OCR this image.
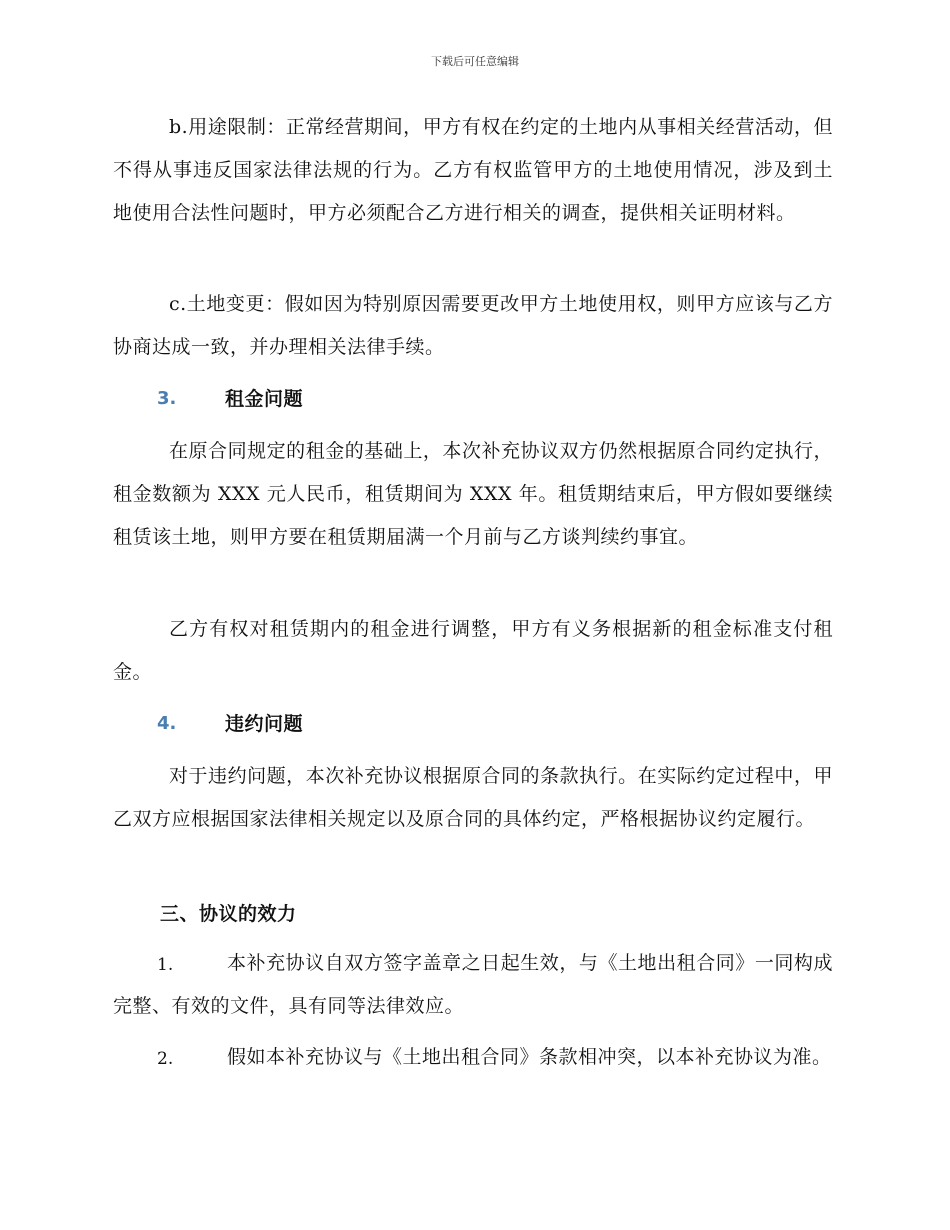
下载后可任意编辑

b.用途限制：正常经营期间，甲方有权在约定的土地内从事相关经营活动，但不得从事违反国家法律法规的行为。乙方有权监管甲方的土地使用情况，涉及到土地使用合法性问题时，甲方必须配合乙方进行相关的调查，提供相关证明材料。

c.土地变更：假如因为特别原因需要更改甲方土地使用权，则甲方应该与乙方协商达成一致，并办理相关法律手续。

3.	租金问题

在原合同规定的租金的基础上，本次补充协议双方仍然根据原合同约定执行，租金数额为 XXX 元人民币，租赁期间为 XXX 年。租赁期结束后，甲方假如要继续租赁该土地，则甲方要在租赁期届满一个月前与乙方谈判续约事宜。

乙方有权对租赁期内的租金进行调整，甲方有义务根据新的租金标准支付租金。

4.	违约问题

对于违约问题，本次补充协议根据原合同的条款执行。在实际约定过程中，甲乙双方应根据国家法律相关规定以及原合同的具体约定，严格根据协议约定履行。

三、协议的效力
1.	本补充协议自双方签字盖章之日起生效，与《土地出租合同》一同构成完整、有效的文件，具有同等法律效应。

2.	假如本补充协议与《土地出租合同》条款相冲突，以本补充协议为准。
